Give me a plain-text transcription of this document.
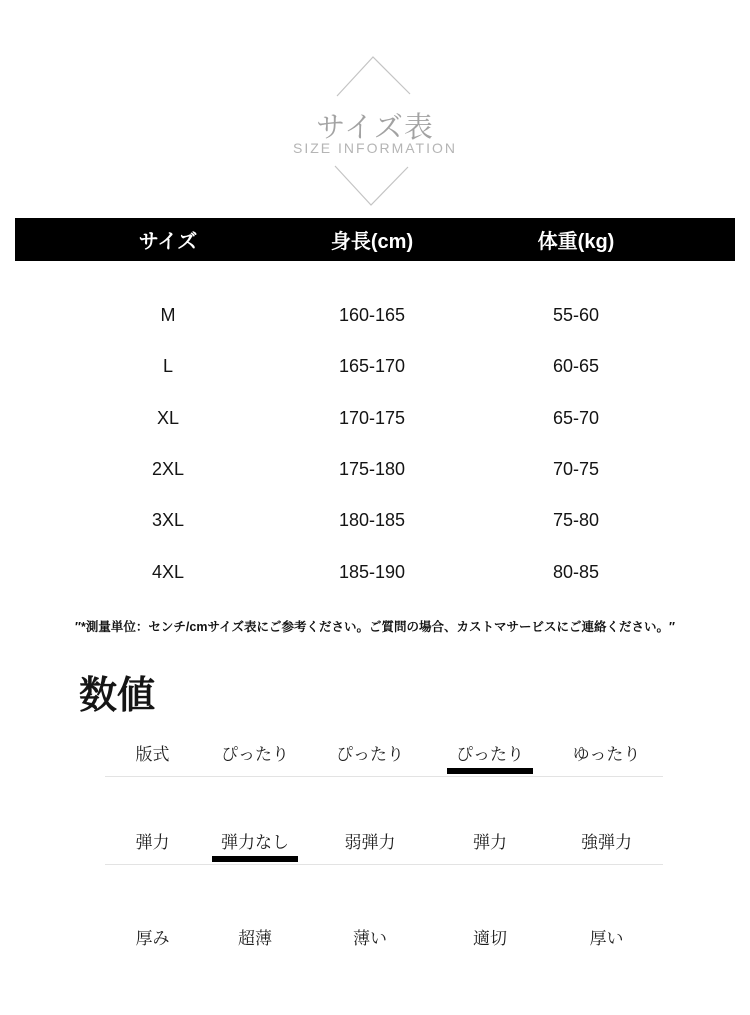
サイズ表
SIZE INFORMATION
サイズ	身長(cm)	体重(kg)
M	160-165	55-60
L	165-170	60-65
XL	170-175	65-70
2XL	175-180	70-75
3XL	180-185	75-80
4XL	185-190	80-85
″*測量単位：センチ/cmサイズ表にご参考ください。ご質問の場合、カストマサービスにご連絡ください。″
数値
版式	ぴったり	ぴったり	ぴったり	ゆったり
弾力	弾力なし	弱弾力	弾力	強弾力
厚み	超薄	薄い	適切	厚い
